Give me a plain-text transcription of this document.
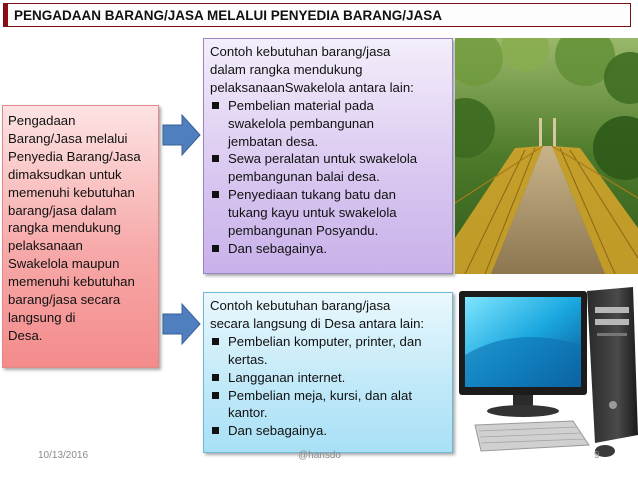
PENGADAAN BARANG/JASA MELALUI PENYEDIA BARANG/JASA
Pengadaan
Barang/Jasa melalui
Penyedia Barang/Jasa
dimaksudkan untuk
memenuhi kebutuhan
barang/jasa dalam
rangka mendukung
pelaksanaan
Swakelola maupun
memenuhi kebutuhan
barang/jasa secara
langsung di
Desa.
Contoh kebutuhan barang/jasa
dalam rangka mendukung
pelaksanaanSwakelola antara lain:
Pembelian material pada
swakelola pembangunan
jembatan desa.
Sewa peralatan untuk swakelola
pembangunan balai desa.
Penyediaan tukang batu dan
tukang kayu untuk swakelola
pembangunan Posyandu.
Dan sebagainya.
Contoh kebutuhan barang/jasa
secara langsung di Desa antara lain:
Pembelian komputer, printer, dan
kertas.
Langganan internet.
Pembelian meja, kursi, dan alat
kantor.
Dan sebagainya.
10/13/2016	@hansdo	9
